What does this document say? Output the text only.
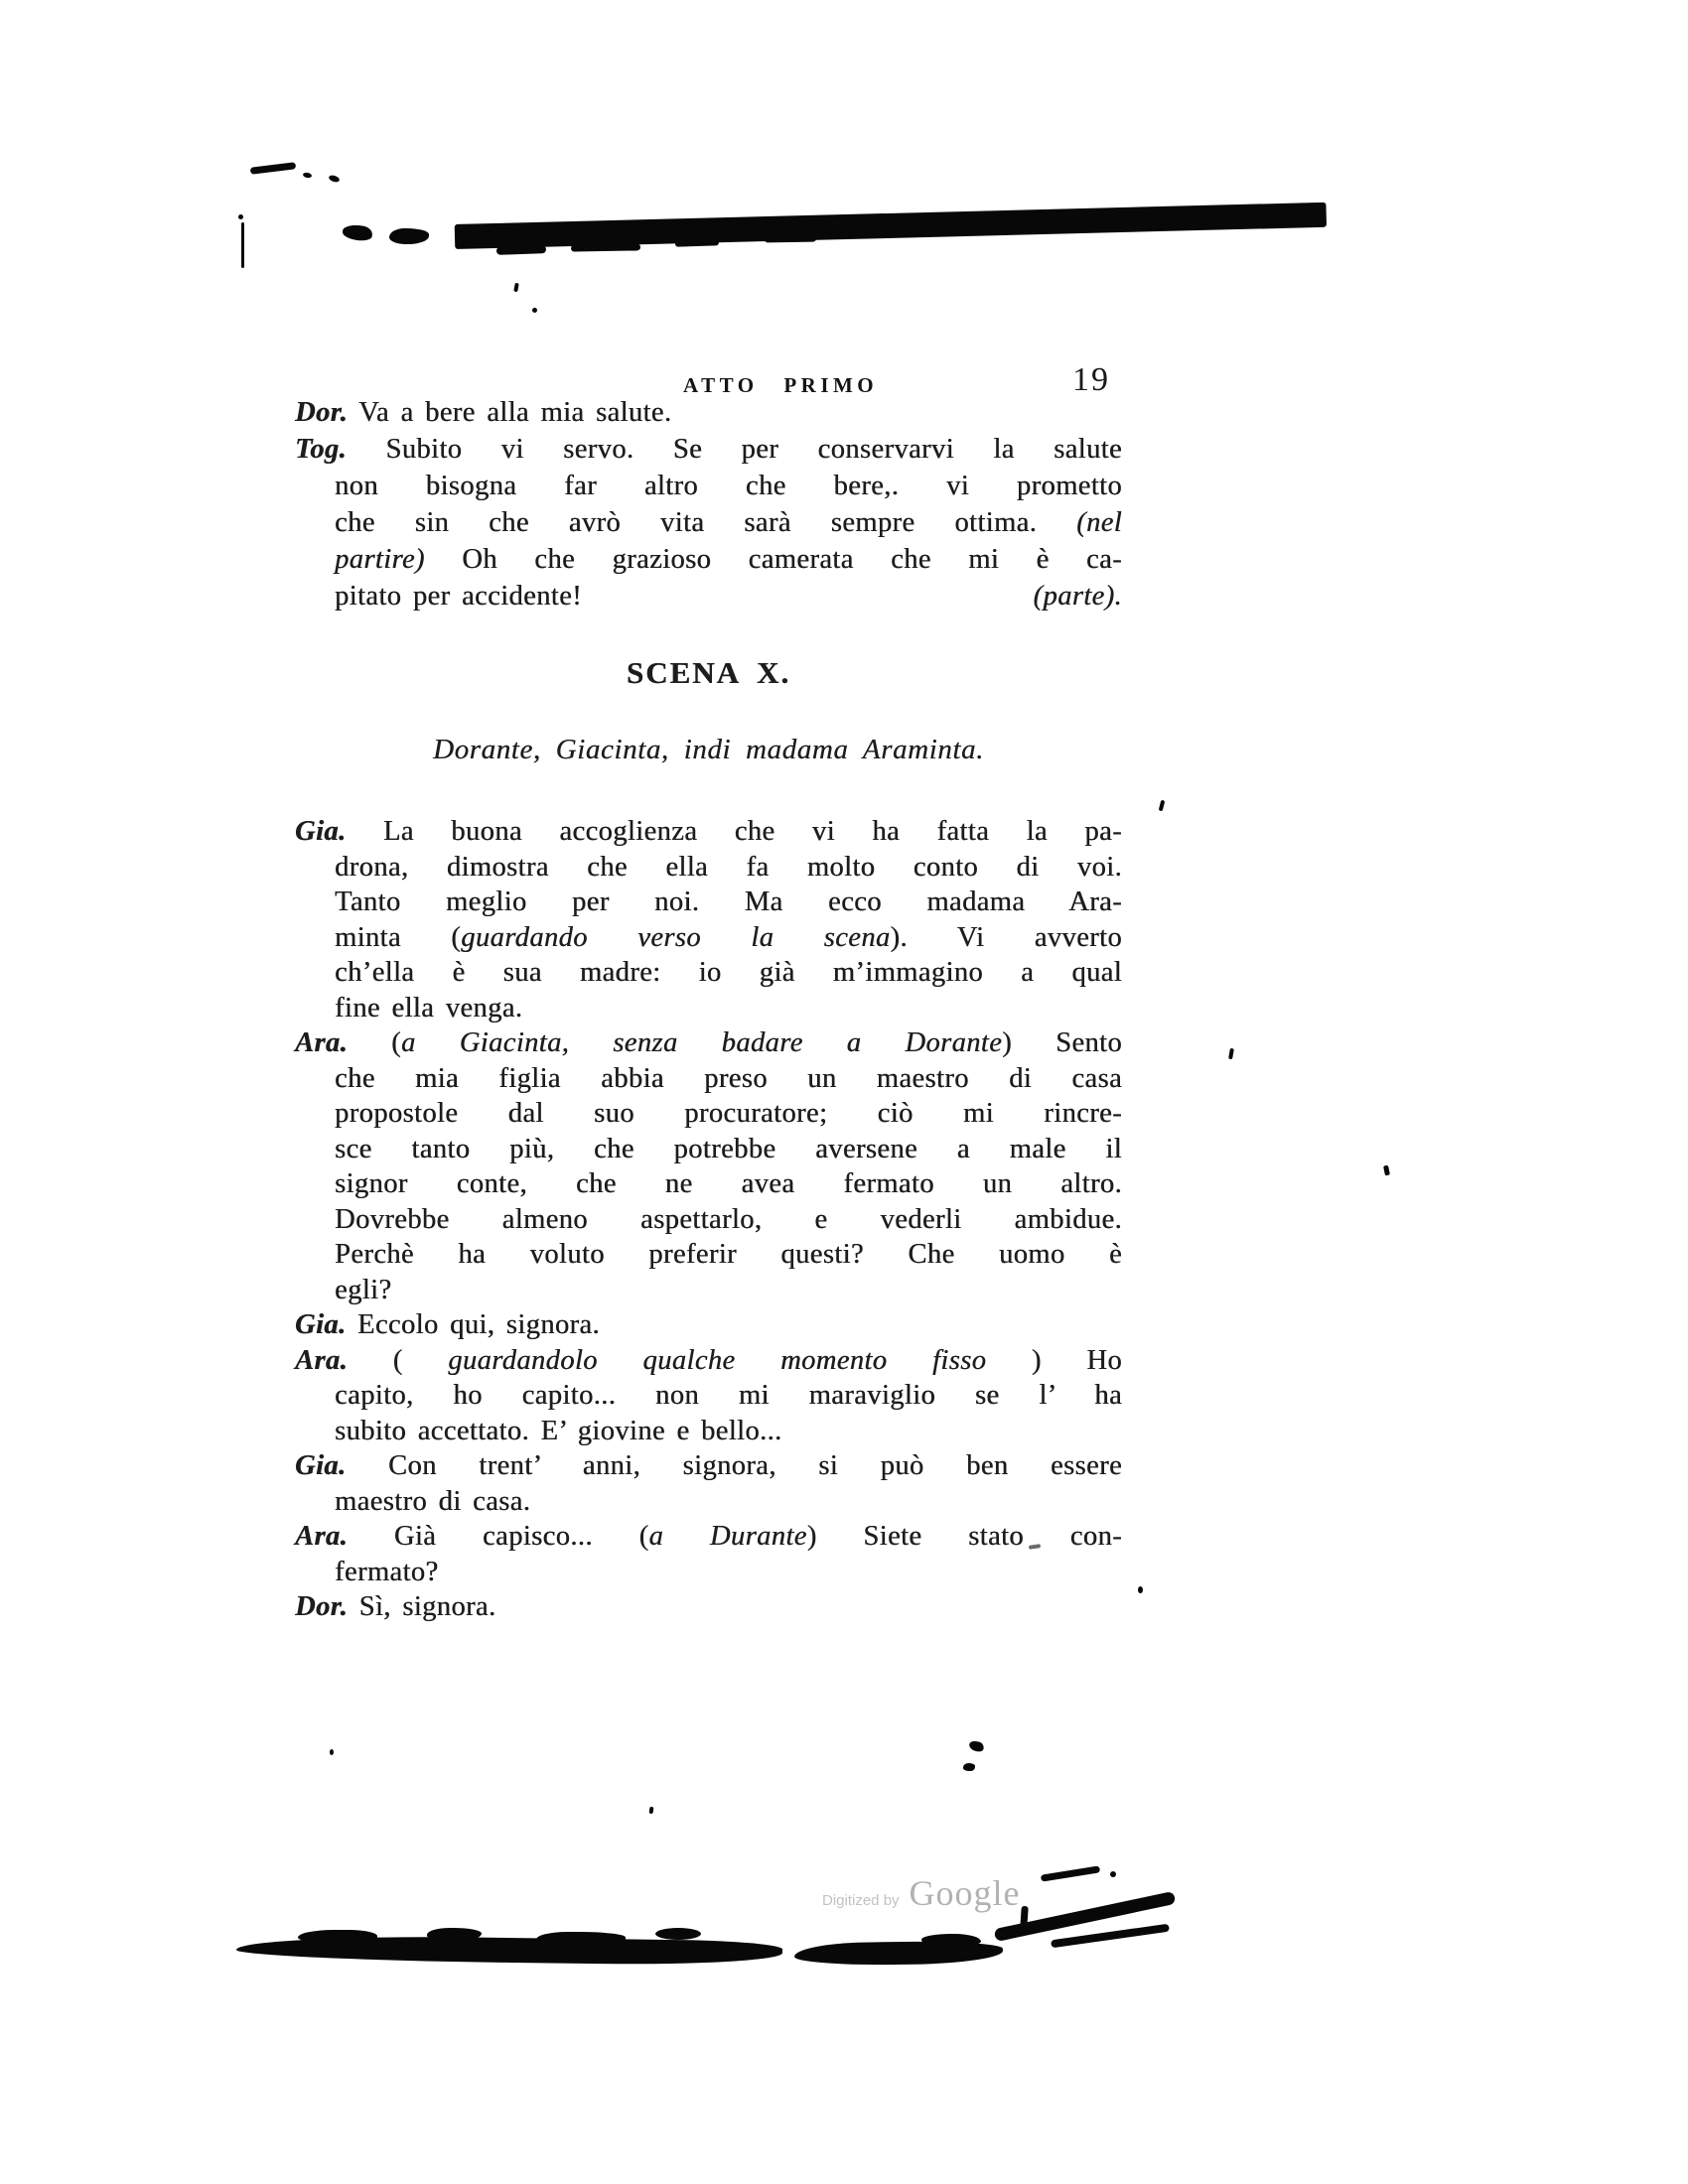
ATTO PRIMO	19
Dor. Va a bere alla mia salute.
Tog. Subito vi servo. Se per conservarvi la salute
non bisogna far altro che bere,. vi prometto
che sin che avrò vita sarà sempre ottima. (nel
partire) Oh che grazioso camerata che mi è ca-
pitato per accidente!	(parte).
SCENA X.
Dorante, Giacinta, indi madama Araminta.
Gia. La buona accoglienza che vi ha fatta la pa-
drona, dimostra che ella fa molto conto di voi.
Tanto meglio per noi. Ma ecco madama Ara-
minta (guardando verso la scena). Vi avverto
ch’ella è sua madre: io già m’immagino a qual
fine ella venga.
Ara. (a Giacinta, senza badare a Dorante) Sento
che mia figlia abbia preso un maestro di casa
propostole dal suo procuratore; ciò mi rincre-
sce tanto più, che potrebbe aversene a male il
signor conte, che ne avea fermato un altro.
Dovrebbe almeno aspettarlo, e vederli ambidue.
Perchè ha voluto preferir questi? Che uomo è
egli?
Gia. Eccolo qui, signora.
Ara. ( guardandolo qualche momento fisso ) Ho
capito, ho capito... non mi maraviglio se l’ ha
subito accettato. E’ giovine e bello...
Gia. Con trent’ anni, signora, si può ben essere
maestro di casa.
Ara. Già capisco... (a Durante) Siete stato con-
fermato?
Dor. Sì, signora.
Digitized by Google
